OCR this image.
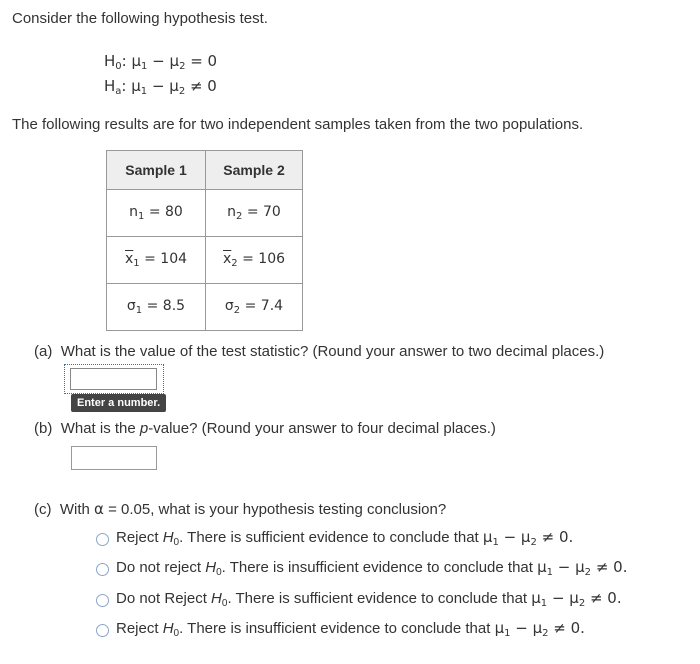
Consider the following hypothesis test.
$H_0$: $\mu_1 - \mu_2 = 0$
$H_a$: $\mu_1 - \mu_2 \ne 0$
The following results are for two independent samples taken from the two populations.
Sample 1	Sample 2
$n_1 = 80$	$n_2 = 70$
$\overline{x}_1 = 104$	$\overline{x}_2 = 106$
$\sigma_1 = 8.5$	$\sigma_2 = 7.4$
(a) What is the value of the test statistic? (Round your answer to two decimal places.)
Enter a number.
(b) What is the p-value? (Round your answer to four decimal places.)
(c) With α = 0.05, what is your hypothesis testing conclusion?
Reject $H_0$. There is sufficient evidence to conclude that $\mu_1 - \mu_2 \ne 0$.
Do not reject $H_0$. There is insufficient evidence to conclude that $\mu_1 - \mu_2 \ne 0$.
Do not Reject $H_0$. There is sufficient evidence to conclude that $\mu_1 - \mu_2 \ne 0$.
Reject $H_0$. There is insufficient evidence to conclude that $\mu_1 - \mu_2 \ne 0$.
